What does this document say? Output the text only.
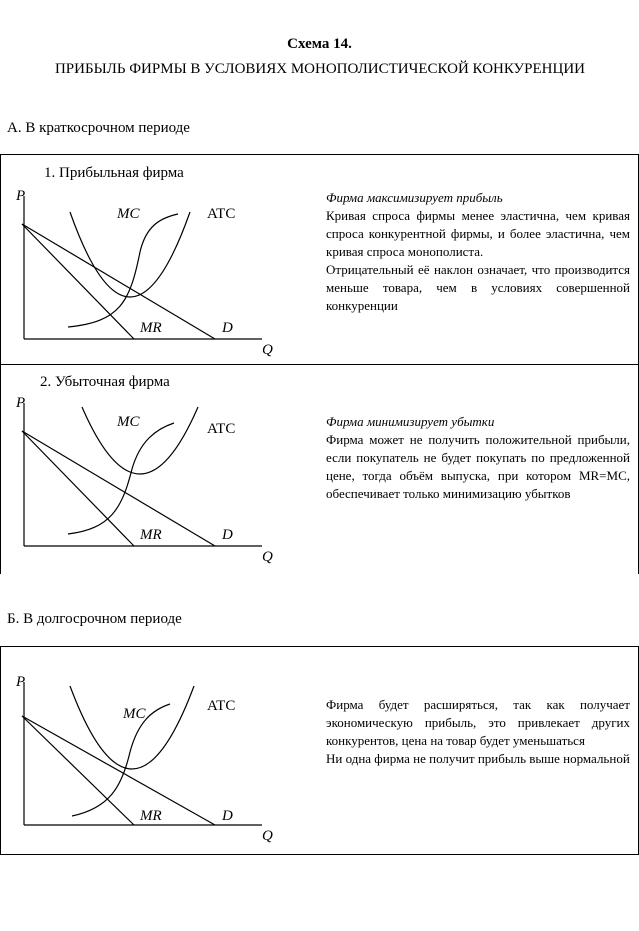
Схема 14.
ПРИБЫЛЬ ФИРМЫ В УСЛОВИЯХ МОНОПОЛИСТИЧЕСКОЙ КОНКУРЕНЦИИ
А. В краткосрочном периоде
1. Прибыльная фирма
P
Q
MC	ATC
MR	D
Фирма максимизирует прибыль

Кривая спроса фирмы менее эластична, чем кривая спроса конкурентной фирмы, и более эластична, чем кривая спроса монополиста.

Отрицательный её наклон означает, что производится меньше товара, чем в условиях совершенной конкуренции

2. Убыточная фирма
P
Q
MC	ATC
MR	D
Фирма минимизирует убытки

Фирма может не получить положительной прибыли, если покупатель не будет покупать по предложенной цене, тогда объём выпуска, при котором MR=MC, обеспечивает только минимизацию убытков

Б. В долгосрочном периоде
P
Q
MC	ATC
MR	D

Фирма будет расширяться, так как получает экономическую прибыль, это привлекает других конкурентов, цена на товар будет уменьшаться

Ни одна фирма не получит прибыль выше нормальной
